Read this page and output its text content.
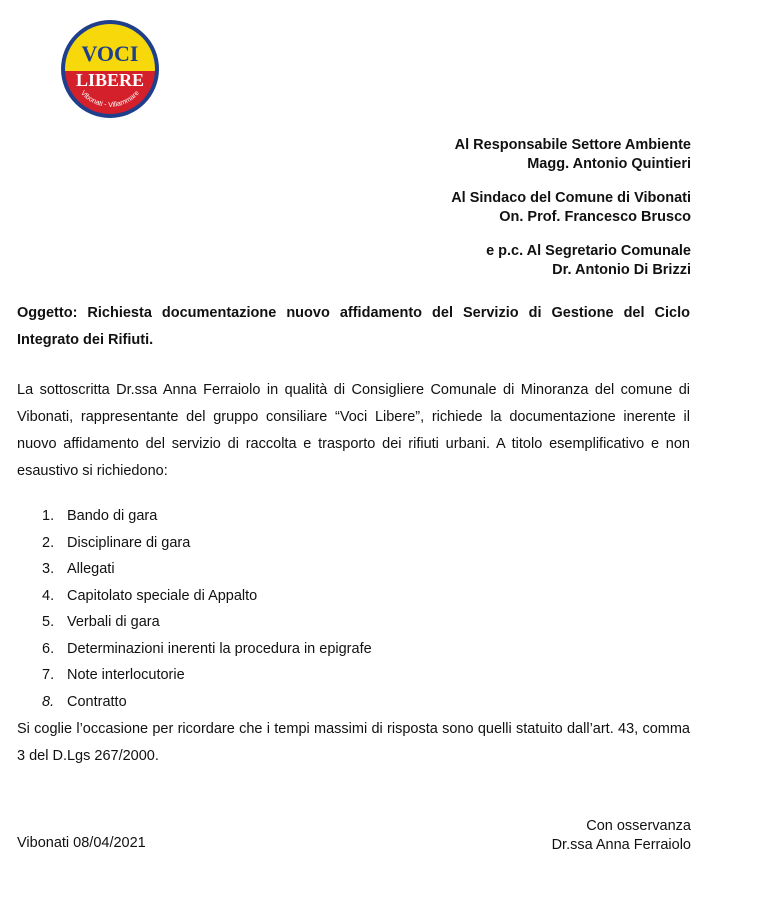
VOCI
LIBERE
Vibonati - Villammare
Al Responsabile Settore Ambiente
Magg. Antonio Quintieri
Al Sindaco del Comune di Vibonati
On. Prof. Francesco Brusco
e p.c. Al Segretario Comunale
Dr. Antonio Di Brizzi
Oggetto: Richiesta documentazione nuovo affidamento del Servizio di Gestione del Ciclo Integrato dei Rifiuti.
La sottoscritta Dr.ssa Anna Ferraiolo in qualità di Consigliere Comunale di Minoranza del comune di Vibonati, rappresentante del gruppo consiliare “Voci Libere”, richiede la documentazione inerente il nuovo affidamento del servizio di raccolta e trasporto dei rifiuti urbani. A titolo esemplificativo e non esaustivo si richiedono:
1. Bando di gara
2. Disciplinare di gara
3. Allegati
4. Capitolato speciale di Appalto
5. Verbali di gara
6. Determinazioni inerenti la procedura in epigrafe
7. Note interlocutorie
8. Contratto
Si coglie l’occasione per ricordare che i tempi massimi di risposta sono quelli statuito dall’art. 43, comma 3 del D.Lgs 267/2000.
Vibonati 08/04/2021
Con osservanza
Dr.ssa Anna Ferraiolo
